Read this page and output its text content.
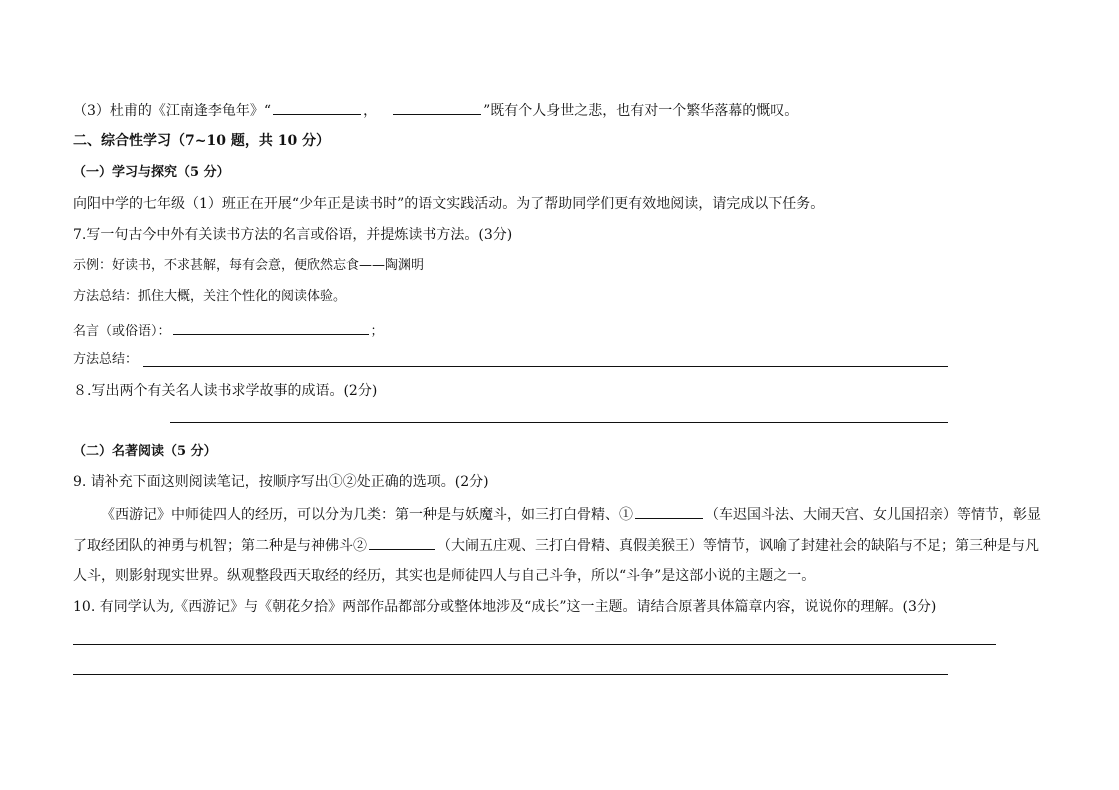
（3）杜甫的《江南逢李龟年》“	，	”既有个人身世之悲，也有对一个繁华落幕的慨叹。
二、综合性学习（7~10 题，共 10 分）
（一）学习与探究（5 分）
向阳中学的七年级（1）班正在开展“少年正是读书时”的语文实践活动。为了帮助同学们更有效地阅读，请完成以下任务。
7.写一句古今中外有关读书方法的名言或俗语，并提炼读书方法。(3分)
示例：好读书，不求甚解，每有会意，便欣然忘食——陶渊明
方法总结：抓住大概，关注个性化的阅读体验。
名言（或俗语）：	；
方法总结：
８.写出两个有关名人读书求学故事的成语。(2分)
（二）名著阅读（5 分）
9. 请补充下面这则阅读笔记，按顺序写出①②处正确的选项。(2分)
《西游记》中师徒四人的经历，可以分为几类：第一种是与妖魔斗，如三打白骨精、①	（车迟国斗法、大闹天宫、女儿国招亲）等情节，彰显
了取经团队的神勇与机智；第二种是与神佛斗②	（大闹五庄观、三打白骨精、真假美猴王）等情节，讽喻了封建社会的缺陷与不足；第三种是与凡
人斗，则影射现实世界。纵观整段西天取经的经历，其实也是师徒四人与自己斗争，所以“斗争”是这部小说的主题之一。
10. 有同学认为,《西游记》与《朝花夕拾》两部作品都部分或整体地涉及“成长”这一主题。请结合原著具体篇章内容，说说你的理解。(3分)
